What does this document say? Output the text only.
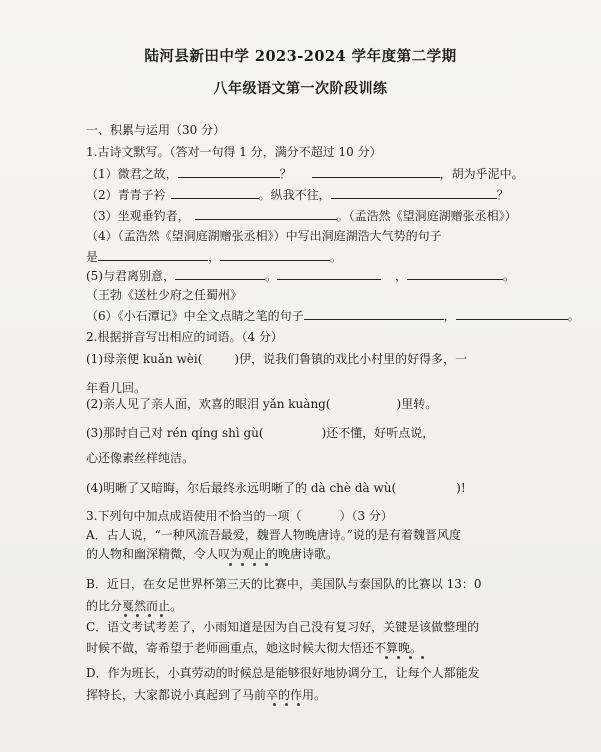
陆河县新田中学 2023-2024 学年度第二学期
八年级语文第一次阶段训练
一、积累与运用（30 分）
1.古诗文默写。（答对一句得 1 分，满分不超过 10 分）
（1）微君之故，	？	，胡为乎泥中。
（2）青青子衿	。纵我不往，	？
（3）坐观垂钓者，	。（孟浩然《望洞庭湖赠张丞相》）
（4）（孟浩然《望洞庭湖赠张丞相》）中写出洞庭湖浩大气势的句子
是	，	。
(5)与君离别意，	。	，	。
（王勃《送杜少府之任蜀州》
（6）《小石潭记》中全文点睛之笔的句子	，	。
2.根据拼音写出相应的词语。（4 分）
(1)母亲便 kuǎn wèi(	)伊，说我们鲁镇的戏比小村里的好得多，一
年看几回。
(2)亲人见了亲人面，欢喜的眼泪 yǎn kuàng(	)里转。
(3)那时自己对 rén qíng shì gù(	)还不懂，好听点说，
心还像素丝样纯洁。
(4)明晰了又暗晦，尔后最终永远明晰了的 dà chè dà wù(	)!
3.下列句中加点成语使用不恰当的一项（	）（3 分）
A．古人说，“一种风流吾最爱，魏晋人物晚唐诗。”说的是有着魏晋风度
的人物和幽深精微，令人叹为观止的晚唐诗歌。
B．近日，在女足世界杯第三天的比赛中，美国队与泰国队的比赛以 13：0
的比分戛然而止。
C．语文考试考差了，小雨知道是因为自己没有复习好，关键是该做整理的
时候不做，寄希望于老师画重点，她这时候大彻大悟还不算晚。
D．作为班长，小真劳动的时候总是能够很好地协调分工，让每个人都能发
挥特长，大家都说小真起到了马前卒的作用。
